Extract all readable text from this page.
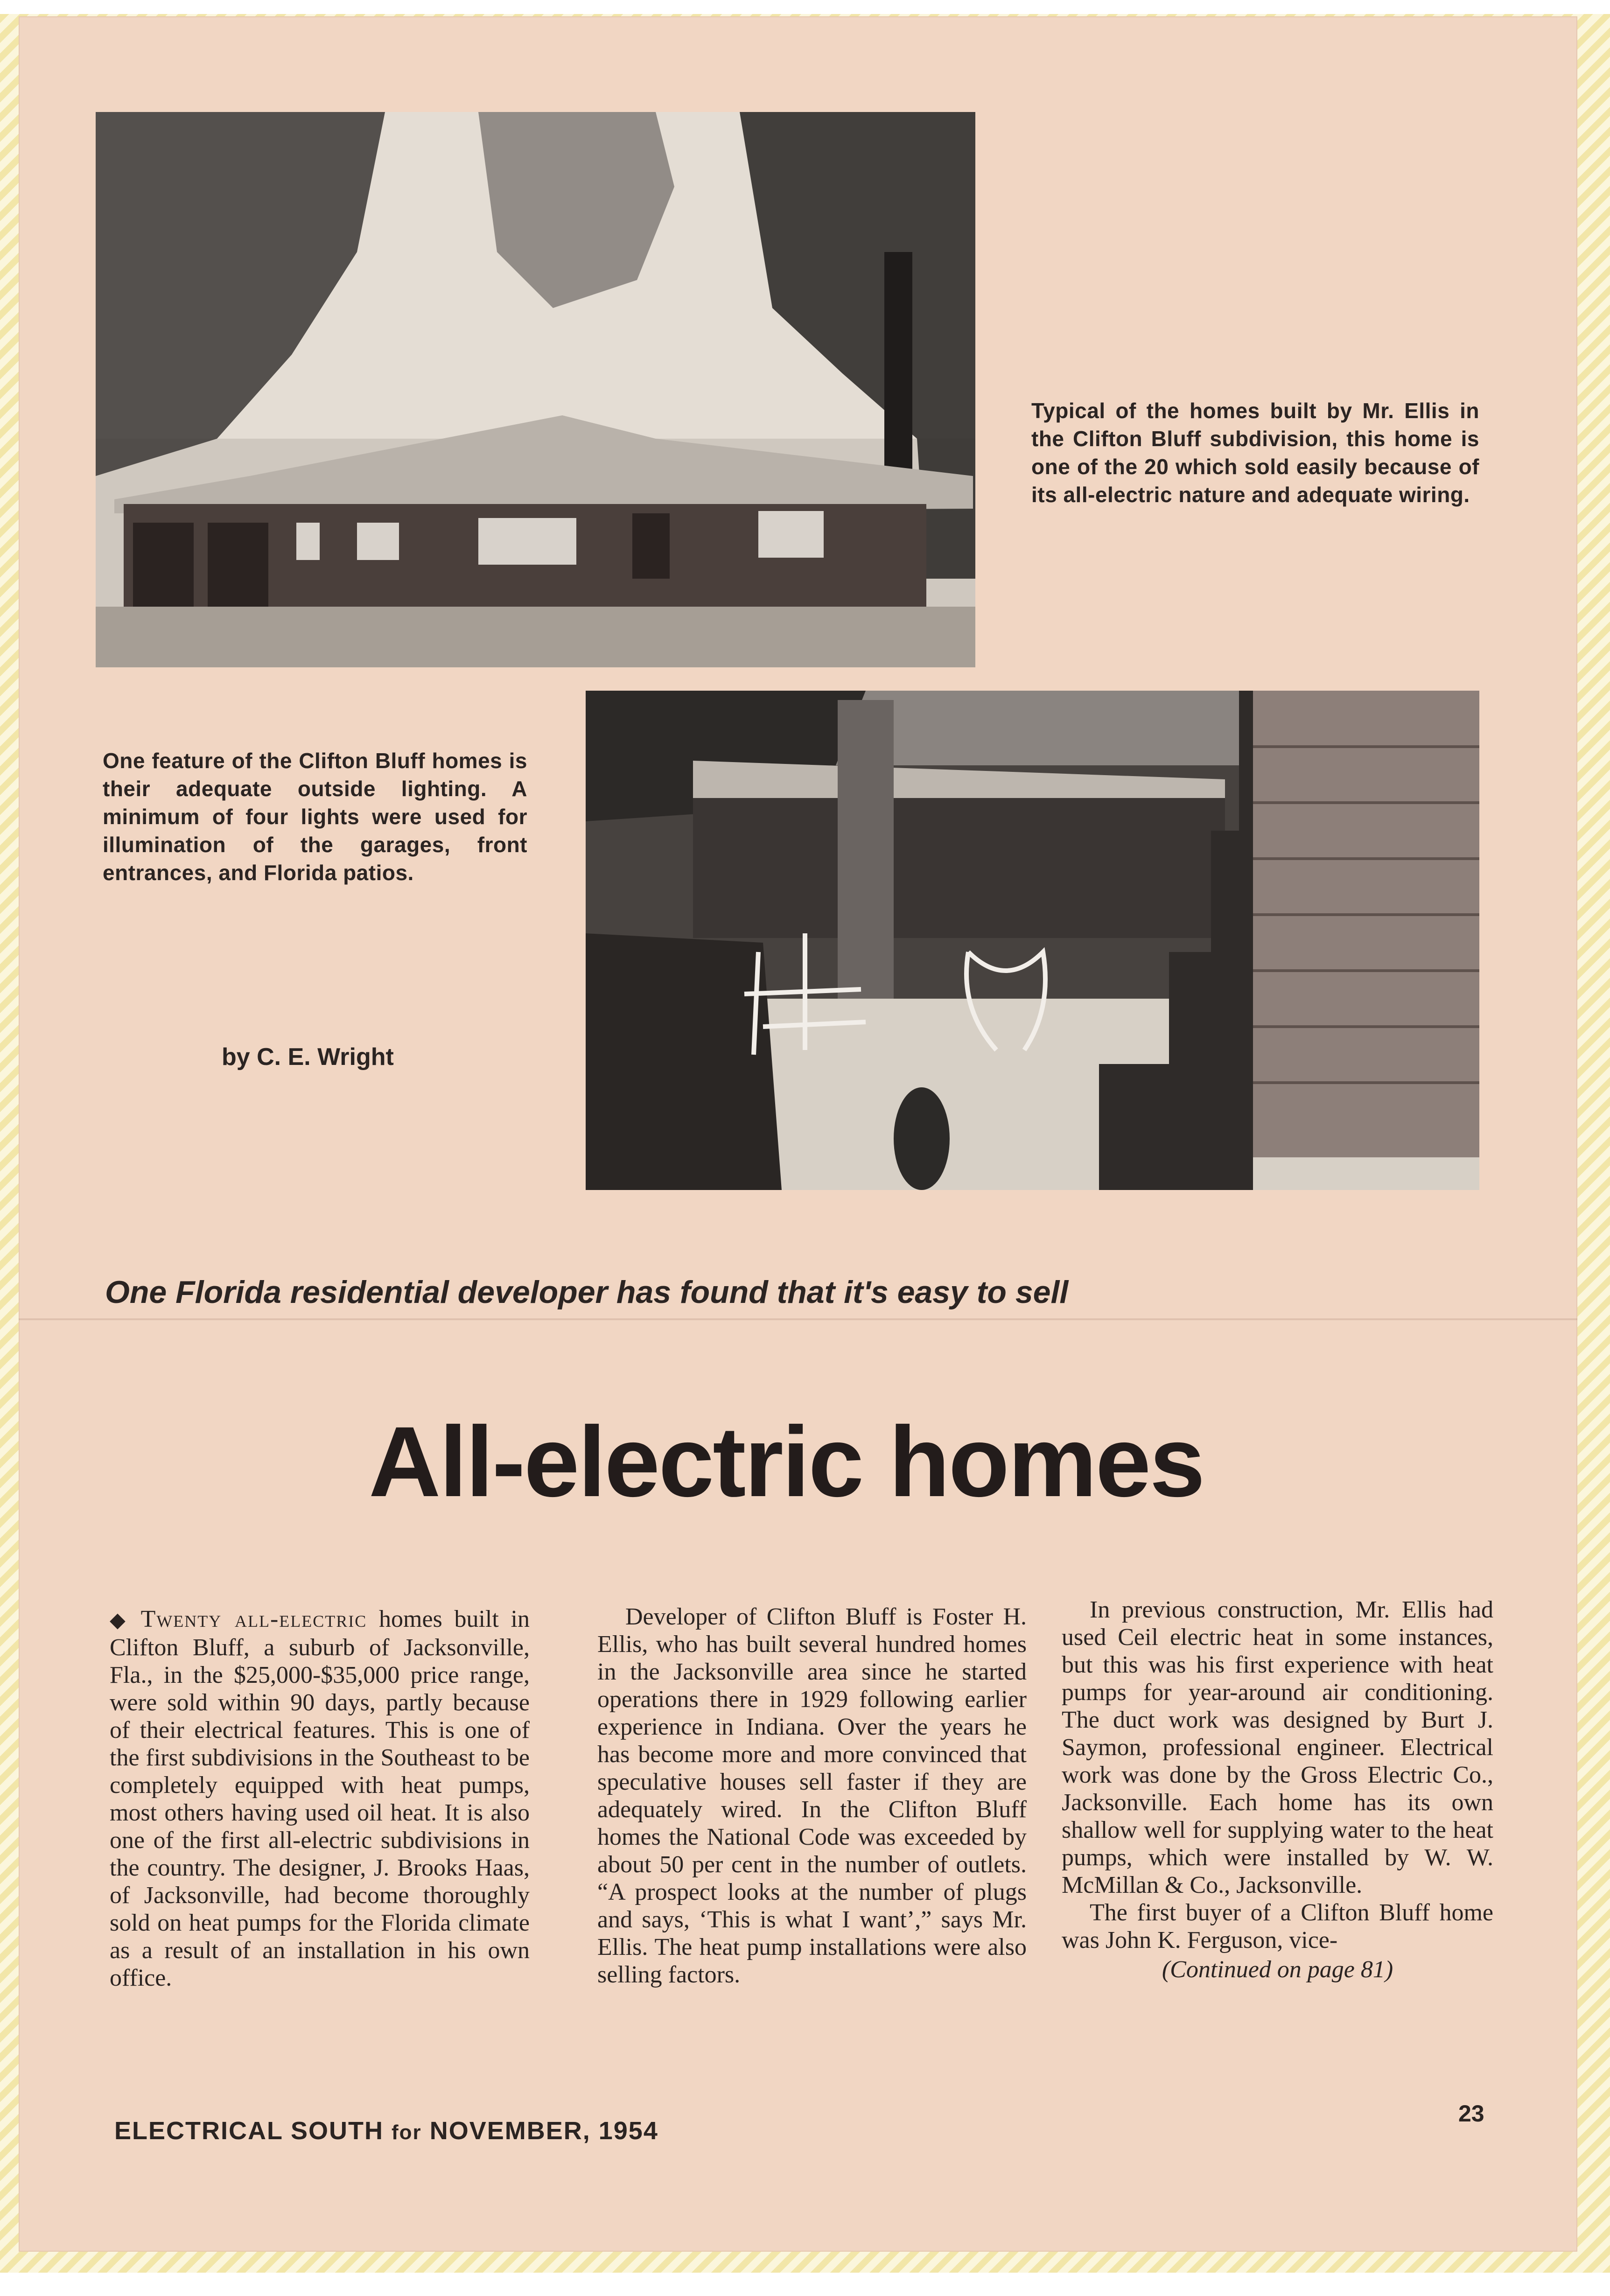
Typical of the homes built by Mr. Ellis in the Clifton Bluff subdivision, this home is one of the 20 which sold easily because of its all-electric nature and adequate wiring.
One feature of the Clifton Bluff homes is their adequate outside lighting. A minimum of four lights were used for illumination of the garages, front entrances, and Florida patios.
by C. E. Wright
One Florida residential developer has found that it's easy to sell
All-electric homes

◆ Twenty all-electric homes built in Clifton Bluff, a suburb of Jacksonville, Fla., in the $25,000-$35,000 price range, were sold within 90 days, partly because of their electrical features. This is one of the first subdivisions in the Southeast to be completely equipped with heat pumps, most others having used oil heat. It is also one of the first all-electric subdivisions in the country. The designer, J. Brooks Haas, of Jacksonville, had become thoroughly sold on heat pumps for the Florida climate as a result of an installation in his own office.

Developer of Clifton Bluff is Foster H. Ellis, who has built several hundred homes in the Jacksonville area since he started operations there in 1929 following earlier experience in Indiana. Over the years he has become more and more convinced that speculative houses sell faster if they are adequately wired. In the Clifton Bluff homes the National Code was exceeded by about 50 per cent in the number of outlets. “A prospect looks at the number of plugs and says, ‘This is what I want’,” says Mr. Ellis. The heat pump installations were also selling factors.

In previous construction, Mr. Ellis had used Ceil electric heat in some instances, but this was his first experience with heat pumps for year-around air conditioning. The duct work was designed by Burt J. Saymon, professional engineer. Electrical work was done by the Gross Electric Co., Jacksonville. Each home has its own shallow well for supplying water to the heat pumps, which were installed by W. W. McMillan & Co., Jacksonville.

The first buyer of a Clifton Bluff home was John K. Ferguson, vice-

(Continued on page 81)
ELECTRICAL SOUTH for NOVEMBER, 1954
23
